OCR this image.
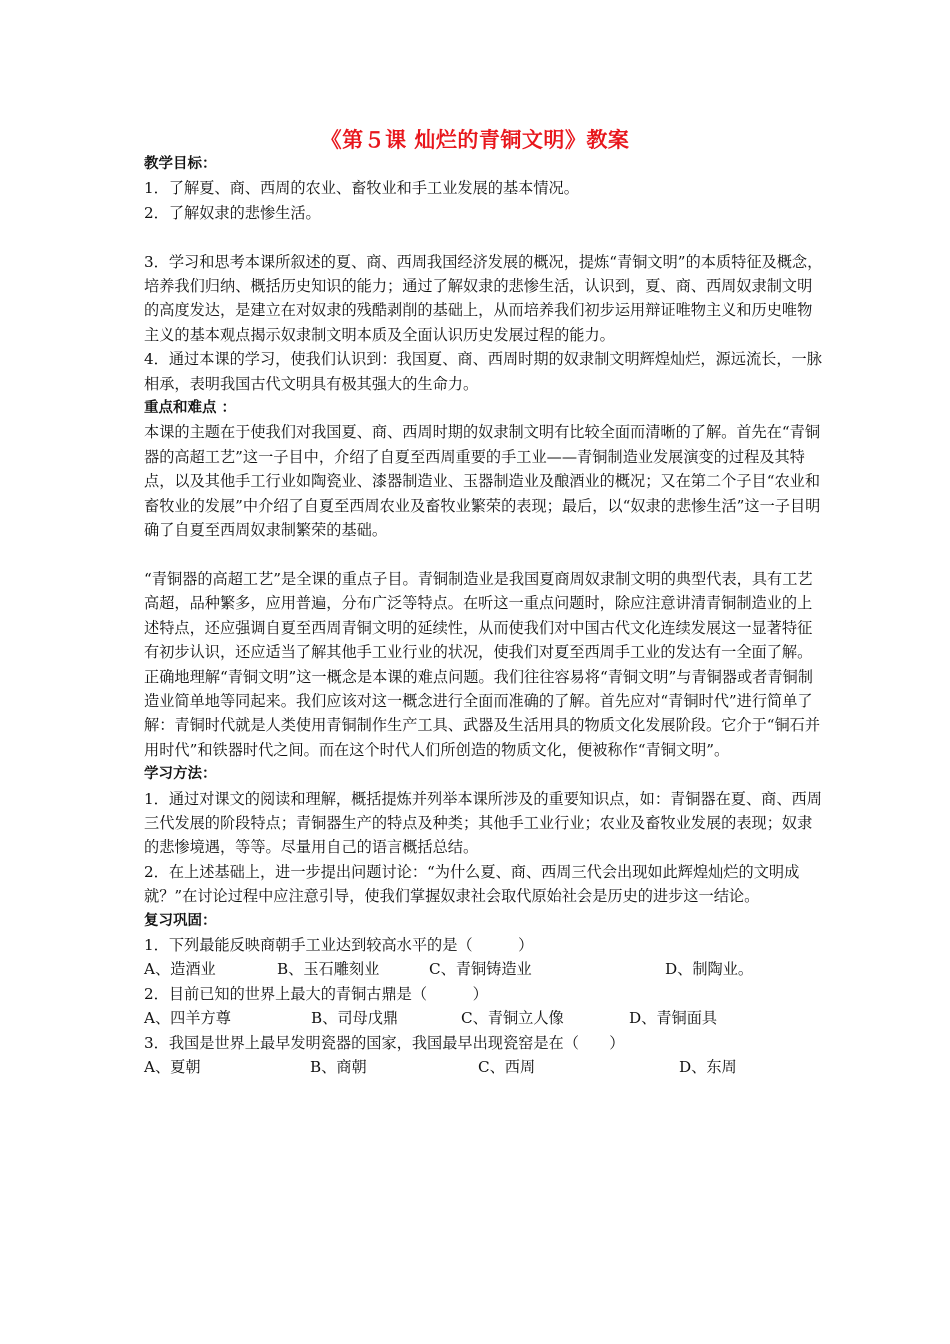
《第５课 灿烂的青铜文明》教案

教学目标：

1．了解夏、商、西周的农业、畜牧业和手工业发展的基本情况。

2．了解奴隶的悲惨生活。

3．学习和思考本课所叙述的夏、商、西周我国经济发展的概况，提炼“青铜文明”的本质特征及概念，培养我们归纳、概括历史知识的能力；通过了解奴隶的悲惨生活，认识到，夏、商、西周奴隶制文明的高度发达，是建立在对奴隶的残酷剥削的基础上，从而培养我们初步运用辩证唯物主义和历史唯物主义的基本观点揭示奴隶制文明本质及全面认识历史发展过程的能力。

4．通过本课的学习，使我们认识到：我国夏、商、西周时期的奴隶制文明辉煌灿烂，源远流长，一脉相承，表明我国古代文明具有极其强大的生命力。

重点和难点 ：

本课的主题在于使我们对我国夏、商、西周时期的奴隶制文明有比较全面而清晰的了解。首先在“青铜器的高超工艺”这一子目中，介绍了自夏至西周重要的手工业——青铜制造业发展演变的过程及其特点，以及其他手工行业如陶瓷业、漆器制造业、玉器制造业及酿酒业的概况；又在第二个子目“农业和畜牧业的发展”中介绍了自夏至西周农业及畜牧业繁荣的表现；最后，以“奴隶的悲惨生活”这一子目明确了自夏至西周奴隶制繁荣的基础。

“青铜器的高超工艺”是全课的重点子目。青铜制造业是我国夏商周奴隶制文明的典型代表，具有工艺高超，品种繁多，应用普遍，分布广泛等特点。在听这一重点问题时，除应注意讲清青铜制造业的上述特点，还应强调自夏至西周青铜文明的延续性，从而使我们对中国古代文化连续发展这一显著特征有初步认识，还应适当了解其他手工业行业的状况，使我们对夏至西周手工业的发达有一全面了解。

正确地理解“青铜文明”这一概念是本课的难点问题。我们往往容易将“青铜文明”与青铜器或者青铜制造业简单地等同起来。我们应该对这一概念进行全面而准确的了解。首先应对“青铜时代”进行简单了解：青铜时代就是人类使用青铜制作生产工具、武器及生活用具的物质文化发展阶段。它介于“铜石并用时代”和铁器时代之间。而在这个时代人们所创造的物质文化，便被称作“青铜文明”。

学习方法：

1．通过对课文的阅读和理解，概括提炼并列举本课所涉及的重要知识点，如：青铜器在夏、商、西周三代发展的阶段特点；青铜器生产的特点及种类；其他手工业行业；农业及畜牧业发展的表现；奴隶的悲惨境遇，等等。尽量用自己的语言概括总结。

2．在上述基础上，进一步提出问题讨论：“为什么夏、商、西周三代会出现如此辉煌灿烂的文明成就？”在讨论过程中应注意引导，使我们掌握奴隶社会取代原始社会是历史的进步这一结论。

复习巩固：

1．下列最能反映商朝手工业达到较高水平的是（　　　）

A、造酒业	B、玉石雕刻业	C、青铜铸造业	D、制陶业。

2．目前已知的世界上最大的青铜古鼎是（　　　）

A、四羊方尊	B、司母戊鼎	C、青铜立人像	D、青铜面具

3．我国是世界上最早发明瓷器的国家，我国最早出现瓷窑是在（　　）

A、夏朝	B、商朝	C、西周	D、东周
